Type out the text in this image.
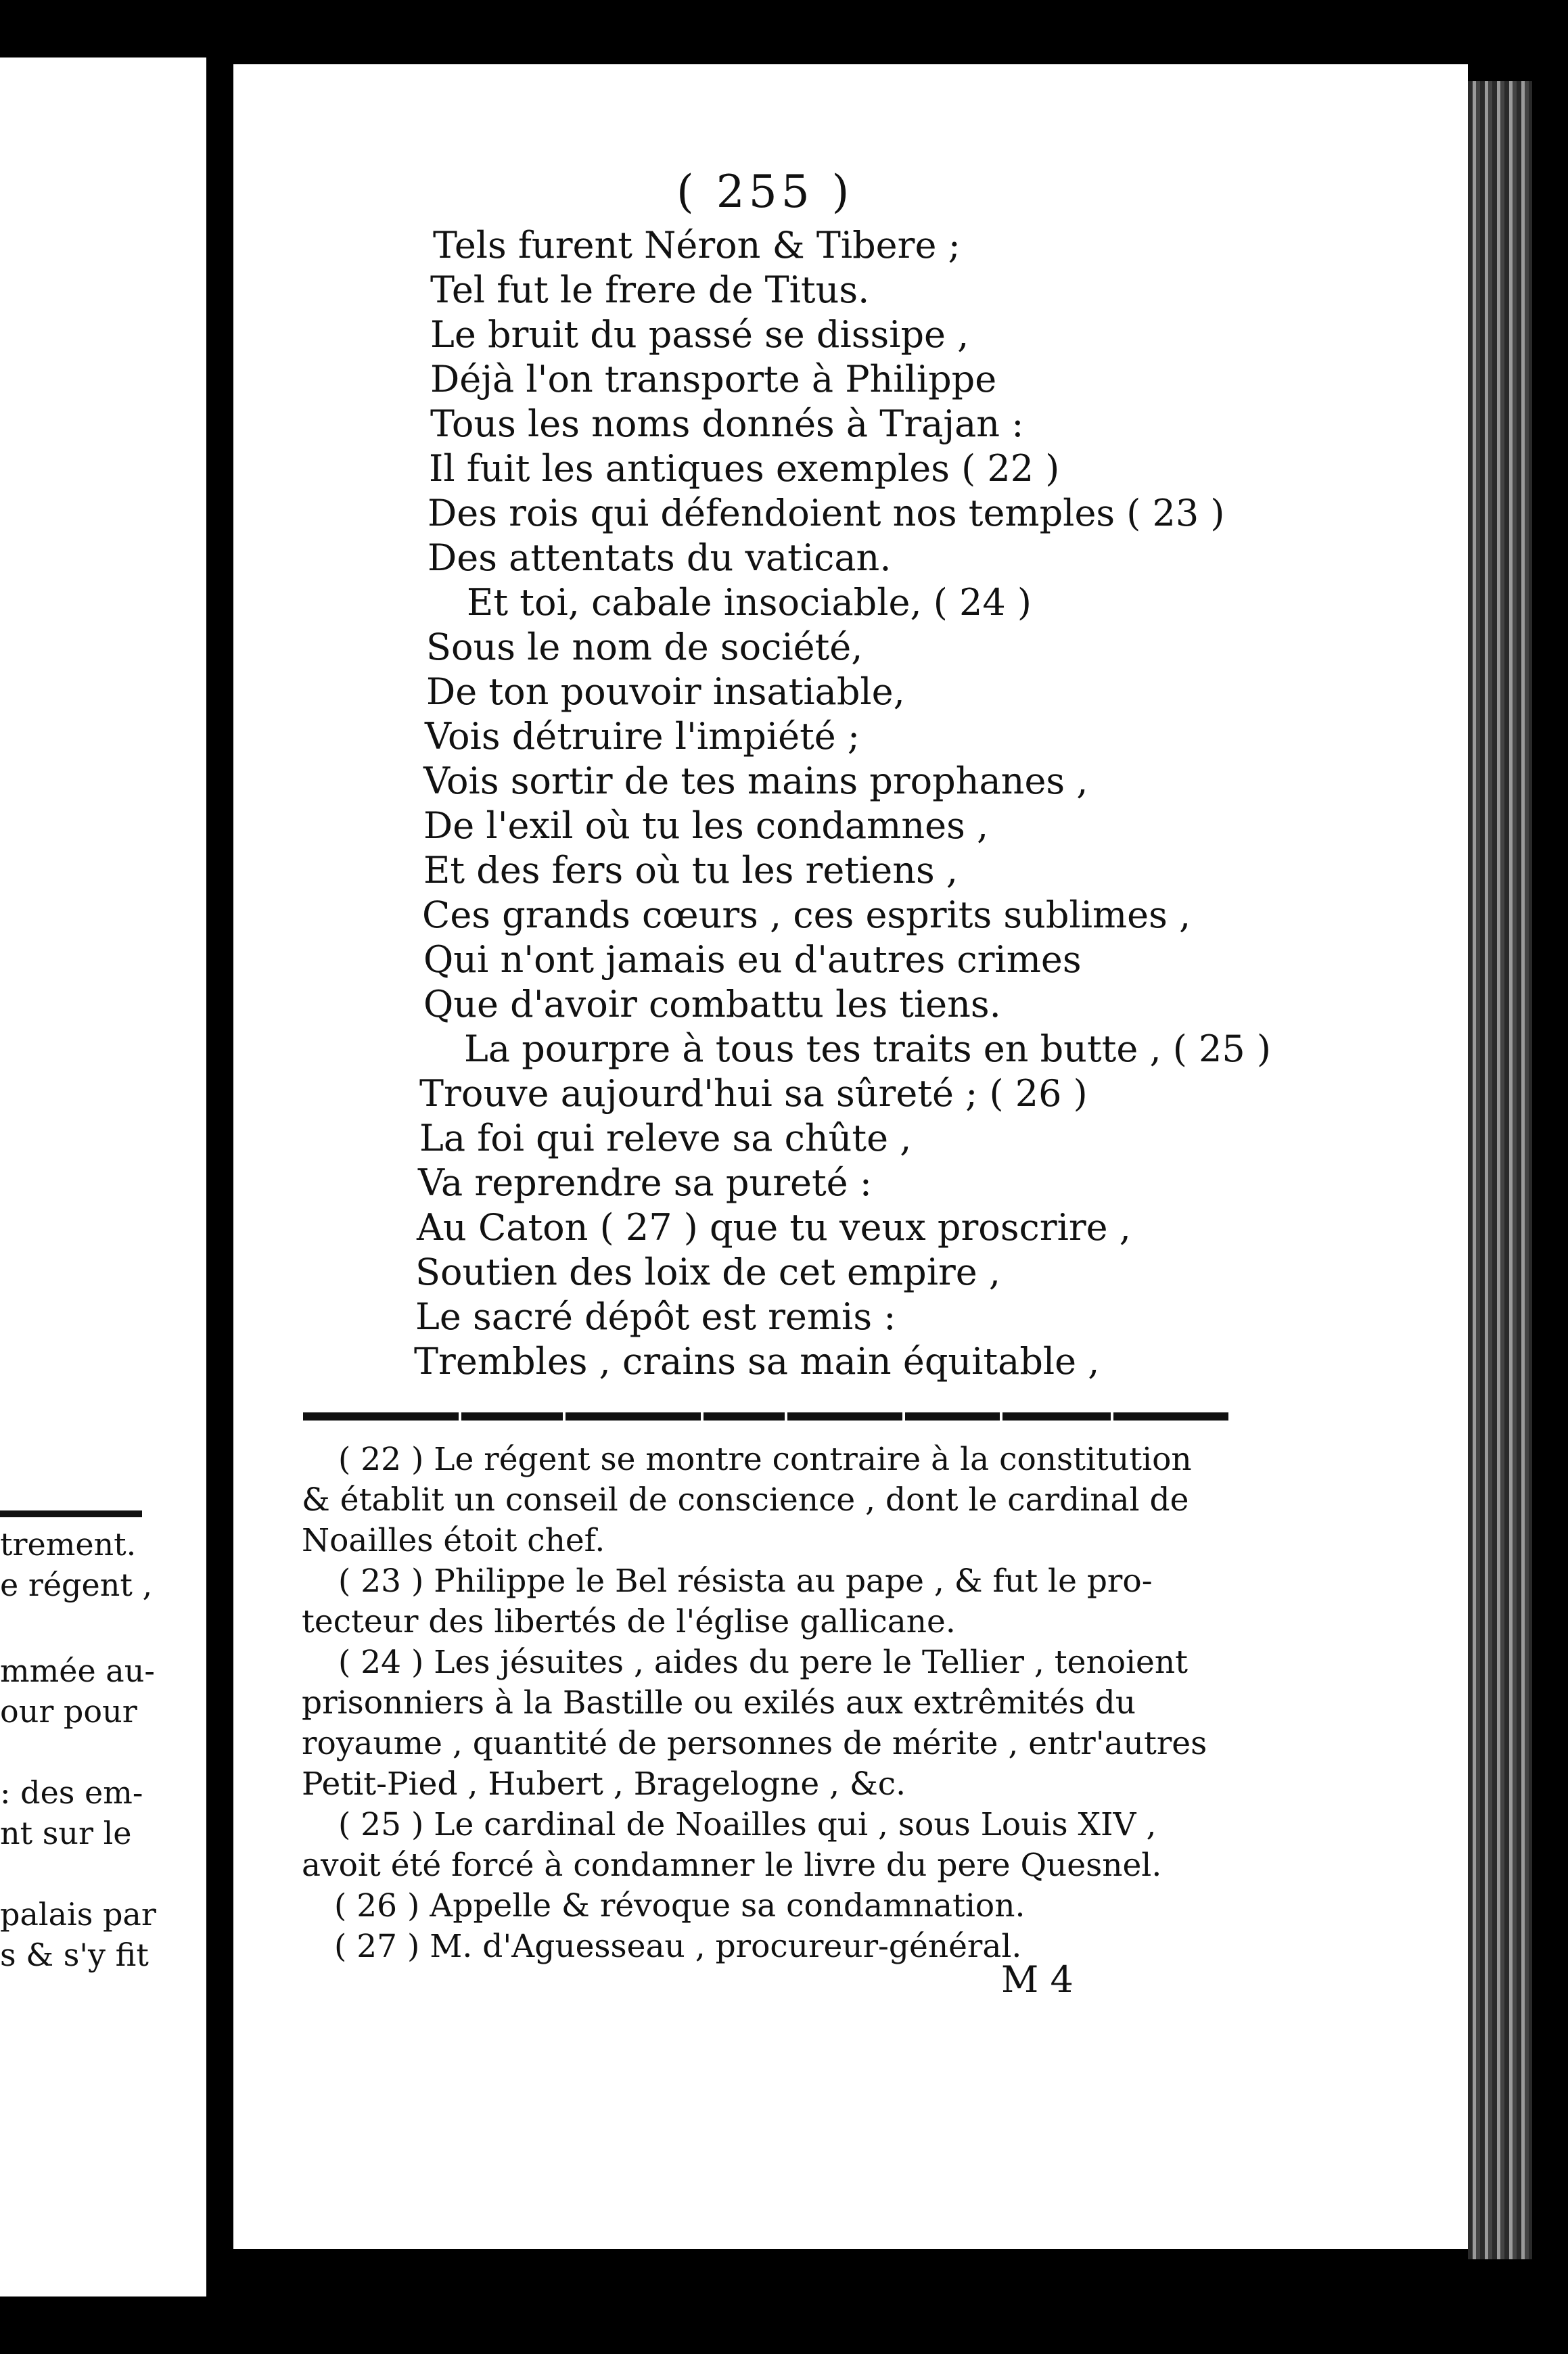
trement.
e régent ,
mmée au-
our pour
: des em-
nt sur le
palais par
s & s'y fit
( 255 )
Tels furent Néron & Tibere ;
Tel fut le frere de Titus.
Le bruit du passé se dissipe ,
Déjà l'on transporte à Philippe
Tous les noms donnés à Trajan :
Il fuit les antiques exemples ( 22 )
Des rois qui défendoient nos temples ( 23 )
Des attentats du vatican.
Et toi, cabale insociable, ( 24 )
Sous le nom de société,
De ton pouvoir insatiable,
Vois détruire l'impiété ;
Vois sortir de tes mains prophanes ,
De l'exil où tu les condamnes ,
Et des fers où tu les retiens ,
Ces grands cœurs , ces esprits sublimes ,
Qui n'ont jamais eu d'autres crimes
Que d'avoir combattu les tiens.
La pourpre à tous tes traits en butte , ( 25 )
Trouve aujourd'hui sa sûreté ; ( 26 )
La foi qui releve sa chûte ,
Va reprendre sa pureté :
Au Caton ( 27 ) que tu veux proscrire ,
Soutien des loix de cet empire ,
Le sacré dépôt est remis :
Trembles , crains sa main équitable ,
( 22 ) Le régent se montre contraire à la constitution
& établit un conseil de conscience , dont le cardinal de
Noailles étoit chef.
( 23 ) Philippe le Bel résista au pape , & fut le pro-
tecteur des libertés de l'église gallicane.
( 24 ) Les jésuites , aides du pere le Tellier , tenoient
prisonniers à la Bastille ou exilés aux extrêmités du
royaume , quantité de personnes de mérite , entr'autres
Petit-Pied , Hubert , Bragelogne , &c.
( 25 ) Le cardinal de Noailles qui , sous Louis XIV ,
avoit été forcé à condamner le livre du pere Quesnel.
( 26 ) Appelle & révoque sa condamnation.
( 27 ) M. d'Aguesseau , procureur-général.
M 4
